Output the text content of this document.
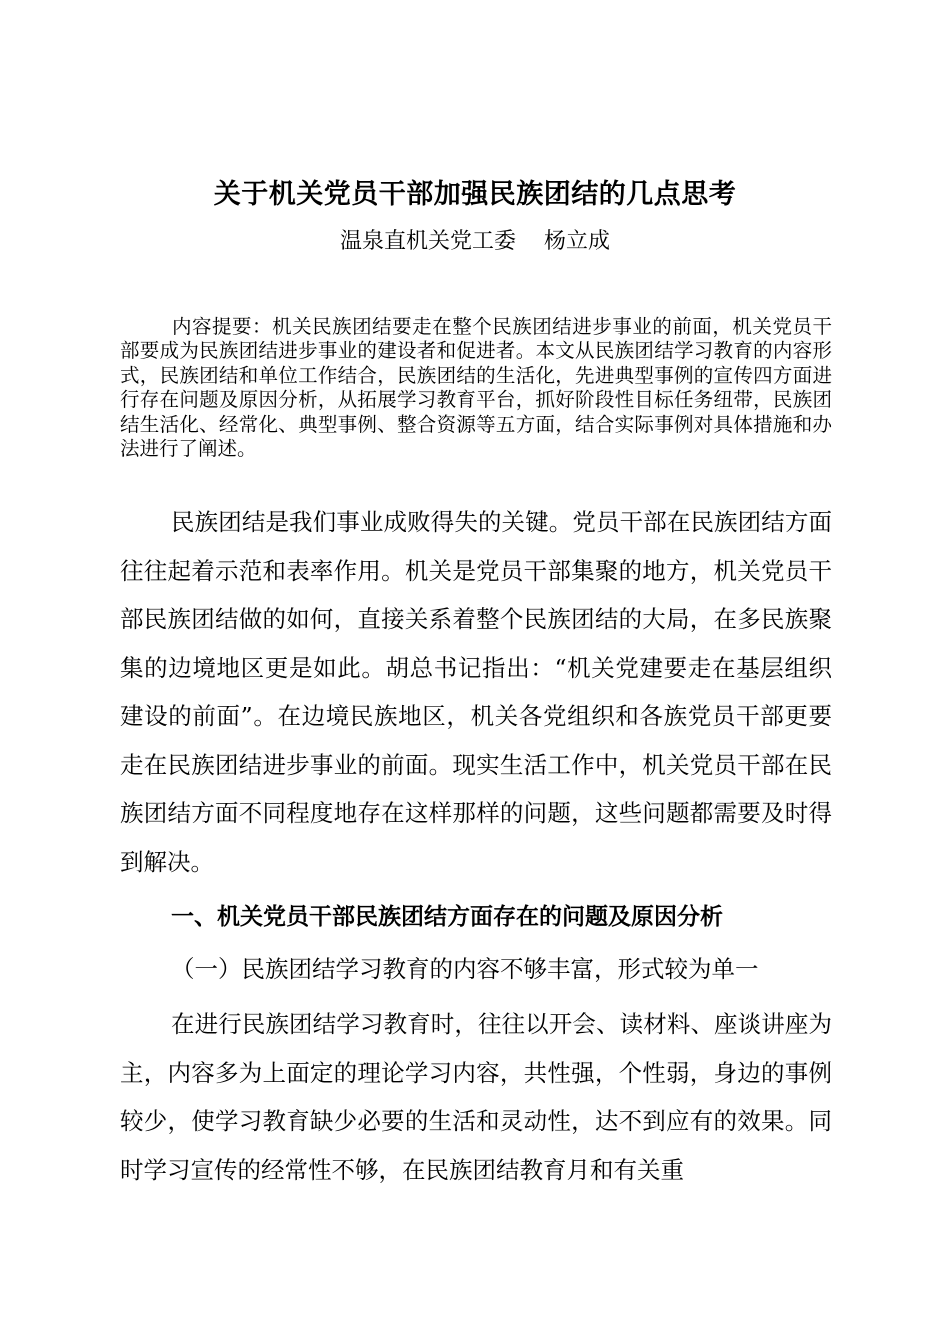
关于机关党员干部加强民族团结的几点思考
温泉直机关党工委    杨立成

内容提要：机关民族团结要走在整个民族团结进步事业的前面，机关党员干部要成为民族团结进步事业的建设者和促进者。本文从民族团结学习教育的内容形式，民族团结和单位工作结合，民族团结的生活化，先进典型事例的宣传四方面进行存在问题及原因分析，从拓展学习教育平台，抓好阶段性目标任务纽带，民族团结生活化、经常化、典型事例、整合资源等五方面，结合实际事例对具体措施和办法进行了阐述。

民族团结是我们事业成败得失的关键。党员干部在民族团结方面往往起着示范和表率作用。机关是党员干部集聚的地方，机关党员干部民族团结做的如何，直接关系着整个民族团结的大局，在多民族聚集的边境地区更是如此。胡总书记指出：“机关党建要走在基层组织建设的前面”。在边境民族地区，机关各党组织和各族党员干部更要走在民族团结进步事业的前面。现实生活工作中，机关党员干部在民族团结方面不同程度地存在这样那样的问题，这些问题都需要及时得到解决。

一、机关党员干部民族团结方面存在的问题及原因分析

（一）民族团结学习教育的内容不够丰富，形式较为单一

在进行民族团结学习教育时，往往以开会、读材料、座谈讲座为主，内容多为上面定的理论学习内容，共性强，个性弱，身边的事例较少，使学习教育缺少必要的生活和灵动性，达不到应有的效果。同时学习宣传的经常性不够，在民族团结教育月和有关重
